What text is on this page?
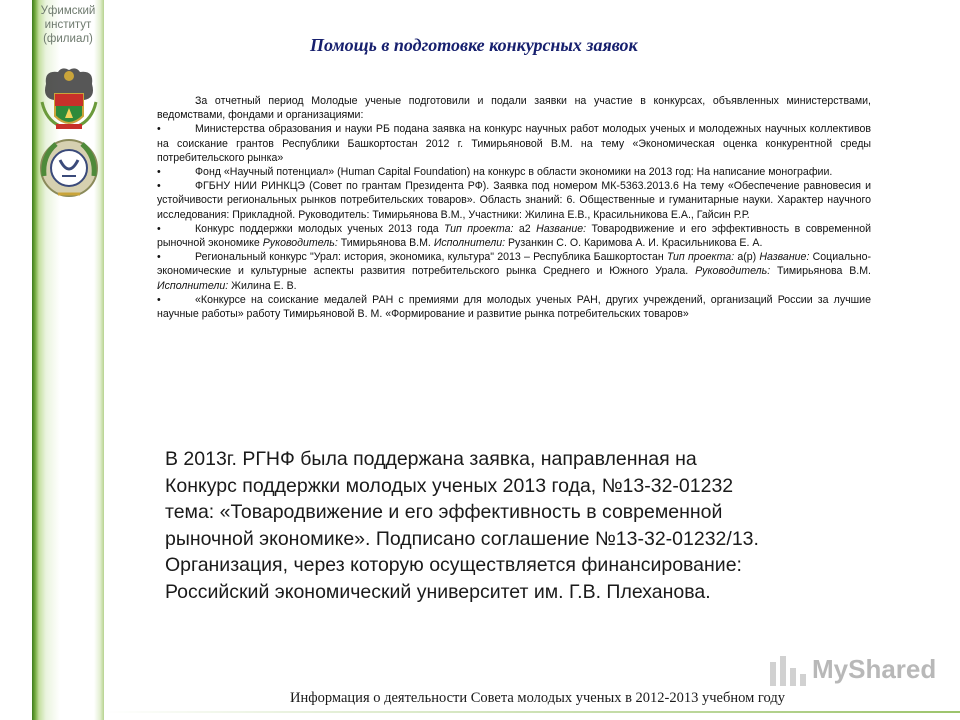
Уфимский
институт
(филиал)	Помощь в подготовке конкурсных заявок

За отчетный период Молодые ученые подготовили и подали заявки на участие в конкурсах, объявленных министерствами, ведомствами, фондами и организациями:

•	Министерства образования и науки РБ подана заявка на конкурс научных работ молодых ученых и молодежных научных коллективов на соискание грантов Республики Башкортостан 2012 г. Тимирьяновой В.М. на тему «Экономическая оценка конкурентной среды потребительского рынка»

•	Фонд «Научный потенциал» (Human Capital Foundation) на конкурс в области экономики на 2013 год: На написание монографии.

•	ФГБНУ НИИ РИНКЦЭ (Совет по грантам Президента РФ). Заявка под номером МК-5363.2013.6 На тему «Обеспечение равновесия и устойчивости региональных рынков потребительских товаров». Область знаний: 6. Общественные и гуманитарные науки. Характер научного исследования: Прикладной. Руководитель: Тимирьянова В.М., Участники: Жилина Е.В., Красильникова Е.А., Гайсин Р.Р.

•	Конкурс поддержки молодых ученых 2013 года Тип проекта: а2 Название: Товародвижение и его эффективность в современной рыночной экономике Руководитель: Тимирьянова В.М. Исполнители: Рузанкин С. О. Каримова А. И. Красильникова Е. А.

•	Региональный конкурс "Урал: история, экономика, культура" 2013 – Республика Башкортостан Тип проекта: а(р) Название: Социально-экономические и культурные аспекты развития потребительского рынка Среднего и Южного Урала. Руководитель: Тимирьянова В.М. Исполнители: Жилина Е. В.

•	«Конкурсе на соискание медалей РАН с премиями для молодых ученых РАН, других учреждений, организаций России за лучшие научные работы» работу Тимирьяновой В. М. «Формирование и развитие рынка потребительских товаров»

В 2013г. РГНФ была поддержана заявка, направленная на
Конкурс поддержки молодых ученых 2013 года, №13-32-01232
тема: «Товародвижение и его эффективность в современной
рыночной экономике». Подписано соглашение №13-32-01232/13.
Организация, через которую осуществляется финансирование:
Российский экономический университет им. Г.В. Плеханова.
MyShared
Информация о деятельности Совета молодых ученых в 2012-2013 учебном году
